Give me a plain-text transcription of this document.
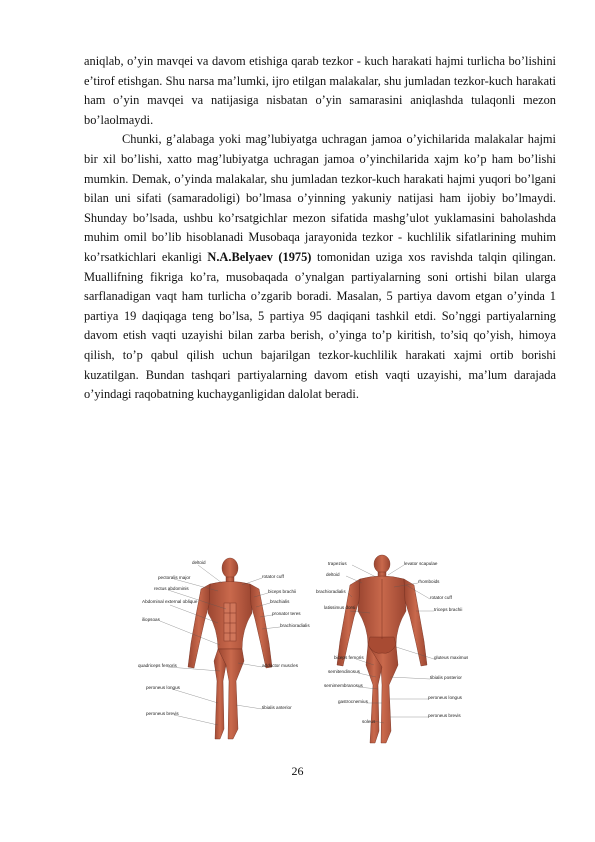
aniqlab, o’yin mavqei va davom etishiga qarab tezkor - kuch harakati hajmi turlicha bo’lishini e’tirof etishgan. Shu narsa ma’lumki, ijro etilgan malakalar, shu jumladan tezkor-kuch harakati ham o’yin mavqei va natijasiga nisbatan o’yin samarasini aniqlashda tulaqonli mezon bo’laolmaydi.

Chunki, g’alabaga yoki mag’lubiyatga uchragan jamoa o’yichilarida malakalar hajmi bir xil bo’lishi, xatto mag’lubiyatga uchragan jamoa o’yinchilarida xajm ko’p ham bo’lishi mumkin. Demak, o’yinda malakalar, shu jumladan tezkor-kuch harakati hajmi yuqori bo’lgani bilan uni sifati (samaradoligi) bo’lmasa o’yinning yakuniy natijasi ham ijobiy bo’lmaydi. Shunday bo’lsada, ushbu ko’rsatgichlar mezon sifatida mashg’ulot yuklamasini baholashda muhim omil bo’lib hisoblanadi Musobaqa jarayonida tezkor - kuchlilik sifatlarining muhim ko’rsatkichlari ekanligi N.A.Belyaev (1975) tomonidan uziga xos ravishda talqin qilingan. Muallifning fikriga ko’ra, musobaqada o’ynalgan partiyalarning soni ortishi bilan ularga sarflanadigan vaqt ham turlicha o’zgarib boradi. Masalan, 5 partiya davom etgan o’yinda 1 partiya 19 daqiqaga teng bo’lsa, 5 partiya 95 daqiqani tashkil etdi. So’nggi partiyalarning davom etish vaqti uzayishi bilan zarba berish, o’yinga to’p kiritish, to’siq qo’yish, himoya qilish, to’p qabul qilish uchun bajarilgan tezkor-kuchlilik harakati xajmi ortib borishi kuzatilgan. Bundan tashqari partiyalarning davom etish vaqti uzayishi, ma’lum darajada o’yindagi raqobatning kuchayganligidan dalolat beradi.

deltoid
pectoralis major
rectus abdominis
Abdominal external oblique
iliopsoas
quadriceps femoris
peroneus longus
peroneus brevis
rotator cuff
biceps brachii
brachialis
pronator teres
brachioradialis
adductor muscles
tibialis anterior
trapezius
deltoid
brachioradialis
latissimus dorsi
biceps femoris
semitendinosus
semimembranosus
gastrocnemius
soleus
levator scapulae
rhomboids
rotator cuff
triceps brachii
gluteus maximus
tibialis posterior
peroneus longus
peroneus brevis
26
